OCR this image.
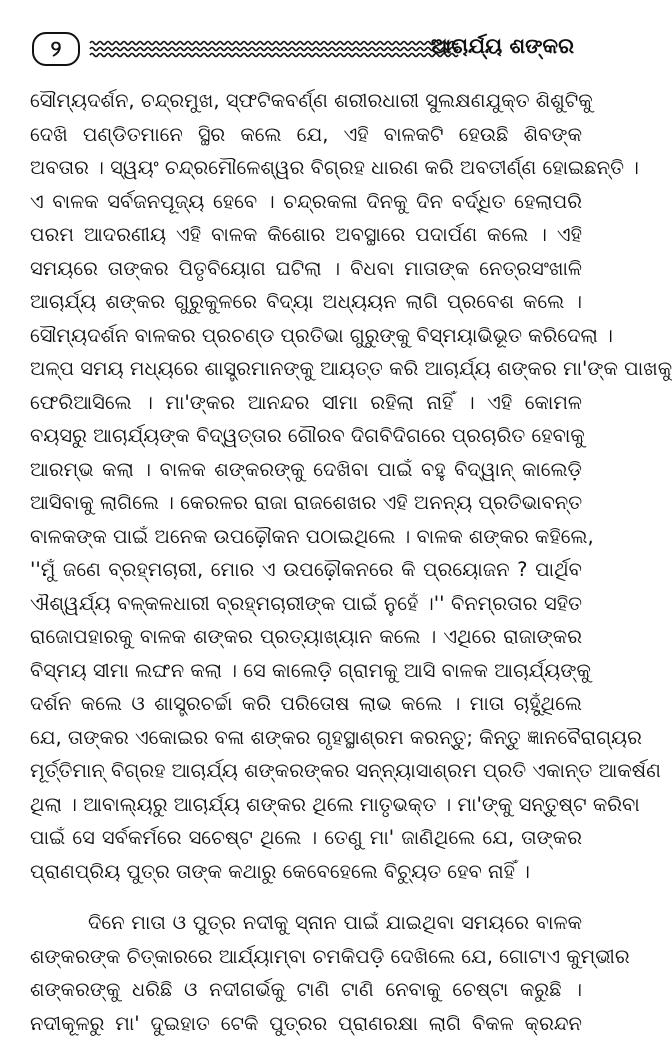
୨	ଆଚାର୍ଯ୍ୟ ଶଙ୍କର
ସୌମ୍ୟଦର୍ଶନ, ଚନ୍ଦ୍ରମୁଖ, ସ୍ଫଟିକବର୍ଣ୍ଣ ଶରୀରଧାରୀ ସୁଲକ୍ଷଣଯୁକ୍ତ ଶିଶୁଟିକୁ
ଦେଖି ପଣ୍ଡିତମାନେ ସ୍ଥିର କଲେ ଯେ, ଏହି ବାଳକଟି ହେଉଛି ଶିବଙ୍କ
ଅବତାର । ସ୍ୱୟଂ ଚନ୍ଦ୍ରମୌଳେଶ୍ୱର ବିଗ୍ରହ ଧାରଣ କରି ଅବତୀର୍ଣ୍ଣ ହୋଇଛନ୍ତି ।
ଏ ବାଳକ ସର୍ବଜନପୂଜ୍ୟ ହେବେ । ଚନ୍ଦ୍ରକଳା ଦିନକୁ ଦିନ ବର୍ଦ୍ଧିତ ହେଲାପରି
ପରମ ଆଦରଣୀୟ ଏହି ବାଳକ କିଶୋର ଅବସ୍ଥାରେ ପଦାର୍ପଣ କଲେ । ଏହି
ସମୟରେ ତାଙ୍କର ପିତୃବିୟୋଗ ଘଟିଲା । ବିଧବା ମାତାଙ୍କ ନେତ୍ରସଂଖାଳି
ଆଚାର୍ଯ୍ୟ ଶଙ୍କର ଗୁରୁକୁଳରେ ବିଦ୍ୟା ଅଧ୍ୟୟନ ଲାଗି ପ୍ରବେଶ କଲେ ।
ସୌମ୍ୟଦର୍ଶନ ବାଳକର ପ୍ରଚଣ୍ଡ ପ୍ରତିଭା ଗୁରୁଙ୍କୁ ବିସ୍ମୟାଭିଭୂତ କରିଦେଲା ।
ଅଳ୍ପ ସମୟ ମଧ୍ୟରେ ଶାସ୍ତ୍ରମାନଙ୍କୁ ଆୟତ୍ତ କରି ଆଚାର୍ଯ୍ୟ ଶଙ୍କର ମା'ଙ୍କ ପାଖକୁ
ଫେରିଆସିଲେ । ମା'ଙ୍କର ଆନନ୍ଦର ସୀମା ରହିଲା ନାହିଁ । ଏହି କୋମଳ
ବୟସରୁ ଆଚାର୍ଯ୍ୟଙ୍କ ବିଦ୍ୱତ୍ତାର ଗୌରବ ଦିଗବିଦିଗରେ ପ୍ରଚାରିତ ହେବାକୁ
ଆରମ୍ଭ କଲା । ବାଳକ ଶଙ୍କରଙ୍କୁ ଦେଖିବା ପାଇଁ ବହୁ ବିଦ୍ୱାନ୍ କାଲେଡ଼ି
ଆସିବାକୁ ଲାଗିଲେ । କେରଳର ରାଜା ରାଜଶେଖର ଏହି ଅନନ୍ୟ ପ୍ରତିଭାବନ୍ତ
ବାଳକଙ୍କ ପାଇଁ ଅନେକ ଉପଢ଼ୌକନ ପଠାଇଥିଲେ । ବାଳକ ଶଙ୍କର କହିଲେ,
''ମୁଁ ଜଣେ ବ୍ରହ୍ମଚାରୀ, ମୋର ଏ ଉପଢ଼ୌକନରେ କି ପ୍ରୟୋଜନ ? ପାର୍ଥିବ
ଐଶ୍ୱର୍ଯ୍ୟ ବଳ୍କଳଧାରୀ ବ୍ରହ୍ମଚାରୀଙ୍କ ପାଇଁ ନୁହେଁ ।'' ବିନମ୍ରତାର ସହିତ
ରାଜୋପହାରକୁ ବାଳକ ଶଙ୍କର ପ୍ରତ୍ୟାଖ୍ୟାନ କଲେ । ଏଥିରେ ରାଜାଙ୍କର
ବିସ୍ମୟ ସୀମା ଲଙ୍ଘନ କଲା । ସେ କାଲେଡ଼ି ଗ୍ରାମକୁ ଆସି ବାଳକ ଆଚାର୍ଯ୍ୟଙ୍କୁ
ଦର୍ଶନ କଲେ ଓ ଶାସ୍ତ୍ରଚର୍ଚ୍ଚା କରି ପରିତୋଷ ଲାଭ କଲେ । ମାତା ଚାହୁଁଥିଲେ
ଯେ, ତାଙ୍କର ଏକୋଇର ବଳା ଶଙ୍କର ଗୃହସ୍ଥାଶ୍ରମ କରନ୍ତୁ; କିନ୍ତୁ ଜ୍ଞାନବୈରାଗ୍ୟର
ମୂର୍ତ୍ତିମାନ୍ ବିଗ୍ରହ ଆଚାର୍ଯ୍ୟ ଶଙ୍କରଙ୍କର ସନ୍ନ୍ୟାସାଶ୍ରମ ପ୍ରତି ଏକାନ୍ତ ଆକର୍ଷଣ
ଥିଲା । ଆବାଲ୍ୟରୁ ଆଚାର୍ଯ୍ୟ ଶଙ୍କର ଥିଲେ ମାତୃଭକ୍ତ । ମା'ଙ୍କୁ ସନ୍ତୁଷ୍ଟ କରିବା
ପାଇଁ ସେ ସର୍ବକର୍ମରେ ସଚେଷ୍ଟ ଥିଲେ । ତେଣୁ ମା' ଜାଣିଥିଲେ ଯେ, ତାଙ୍କର
ପ୍ରାଣପ୍ରିୟ ପୁତ୍ର ତାଙ୍କ କଥାରୁ କେବେହେଲେ ବିଚ୍ୟୁତ ହେବ ନାହିଁ ।
ଦିନେ ମାତା ଓ ପୁତ୍ର ନଦୀକୁ ସ୍ନାନ ପାଇଁ ଯାଇଥିବା ସମୟରେ ବାଳକ
ଶଙ୍କରଙ୍କ ଚିତ୍କାରରେ ଆର୍ଯ୍ୟାମ୍ବା ଚମକିପଡ଼ି ଦେଖିଲେ ଯେ, ଗୋଟାଏ କୁମ୍ଭୀର
ଶଙ୍କରଙ୍କୁ ଧରିଛି ଓ ନଦୀଗର୍ଭକୁ ଟାଣି ଟାଣି ନେବାକୁ ଚେଷ୍ଟା କରୁଛି ।
ନଦୀକୂଳରୁ ମା' ଦୁଇହାତ ଟେକି ପୁତ୍ରର ପ୍ରାଣରକ୍ଷା ଲାଗି ବିକଳ କ୍ରନ୍ଦନ
